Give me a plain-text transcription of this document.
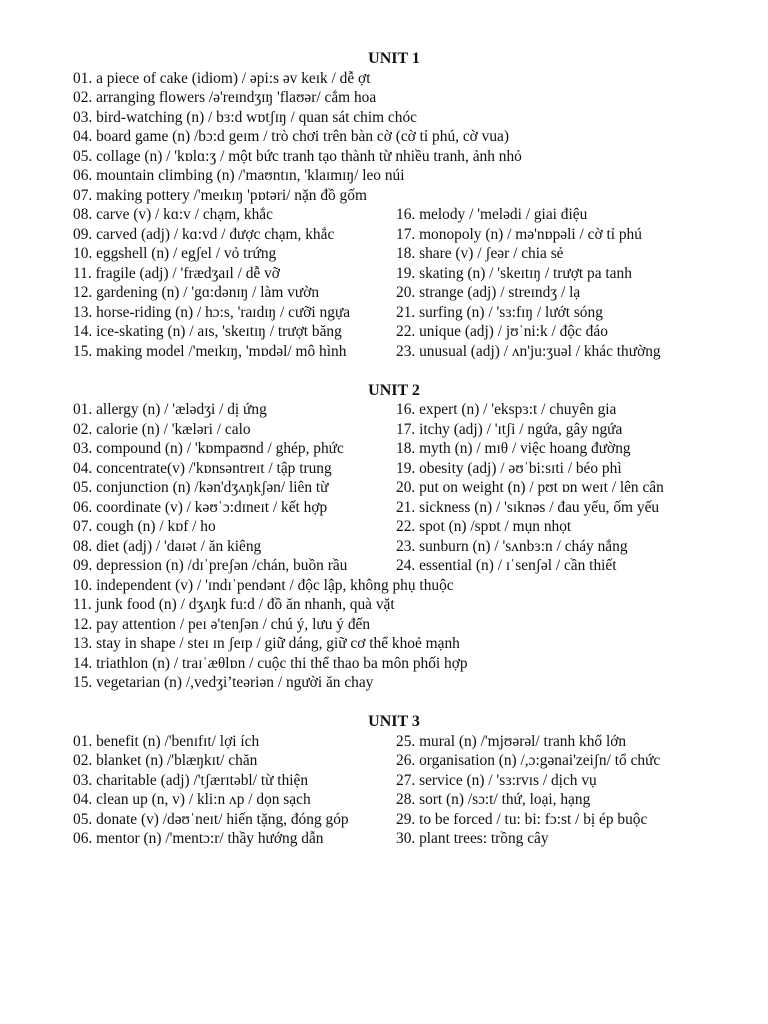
UNIT 1
01. a piece of cake (idiom) / əpi:s əv keɪk / dễ ợt
02. arranging flowers /ə'reɪndʒɪŋ 'flaʊər/ cắm hoa
03. bird-watching (n) / bɜ:d wɒtʃɪŋ / quan sát chim chóc
04. board game (n) /bɔ:d geɪm / trò chơi trên bàn cờ (cờ tỉ phú, cờ vua)
05. collage (n) / 'kɒlɑ:ʒ / một bức tranh tạo thành từ nhiều tranh, ảnh nhỏ
06. mountain climbing (n) /'maʊntɪn, 'klaɪmɪŋ/ leo núi
07. making pottery /'meɪkɪŋ 'pɒtəri/ nặn đồ gốm
08. carve (v) / kɑ:v / chạm, khắc
09. carved (adj) / kɑ:vd / được chạm, khắc
10. eggshell (n) / egʃel / vỏ trứng
11. fragile (adj) / 'frædʒaɪl / dễ vỡ
12. gardening (n) / 'gɑ:dənɪŋ / làm vườn
13. horse-riding (n) / hɔ:s, 'raɪdɪŋ / cưỡi ngựa
14. ice-skating (n) / aɪs, 'skeɪtɪŋ / trượt băng
15. making model /'meɪkɪŋ, 'mɒdəl/ mô hình
16. melody / 'melədi / giai điệu
17. monopoly (n) / mə'nɒpəli / cờ tỉ phú
18. share (v) / ʃeər / chia sẻ
19. skating (n) / 'skeɪtɪŋ / trượt pa tanh
20. strange (adj) / streɪndʒ / lạ
21. surfing (n) / 'sɜ:fɪŋ / lướt sóng
22. unique (adj) / jʊˈni:k / độc đáo
23. unusual (adj) / ʌn'ju:ʒuəl / khác thường
UNIT 2
01. allergy (n) / 'ælədʒi / dị ứng
02. calorie (n) / 'kæləri / calo
03. compound (n) / 'kɒmpaʊnd / ghép, phức
04. concentrate(v) /'kɒnsəntreɪt / tập trung
05. conjunction (n) /kən'dʒʌŋkʃən/ liên từ
06. coordinate (v) / kəʊˈɔ:dɪneɪt / kết hợp
07. cough (n) / kɒf / ho
08. diet (adj) / 'daɪət / ăn kiêng
09. depression (n) /dɪˈpreʃən /chán, buồn rầu
16. expert (n) / 'ekspɜ:t / chuyên gia
17. itchy (adj) / 'ɪtʃi / ngứa, gây ngứa
18. myth (n) / mɪθ / việc hoang đường
19. obesity (adj) / əʊˈbi:sɪti / béo phì
20. put on weight (n) / pʊt ɒn weɪt / lên cân
21. sickness (n) / 'sɪknəs / đau yếu, ốm yếu
22. spot (n) /spɒt / mụn nhọt
23. sunburn (n) / 'sʌnbɜ:n / cháy nắng
24. essential (n) / ɪˈsenʃəl / cần thiết
10. independent (v) / 'ɪndɪˈpendənt / độc lập, không phụ thuộc
11. junk food (n) / dʒʌŋk fu:d / đồ ăn nhanh, quà vặt
12. pay attention / peɪ ə'tenʃən / chú ý, lưu ý đến
13. stay in shape / steɪ ɪn ʃeɪp / giữ dáng, giữ cơ thể khoẻ mạnh
14. triathlon (n) / traɪˈæθlɒn / cuộc thi thể thao ba môn phối hợp
15. vegetarian (n) /,vedʒi’teəriən / người ăn chay
UNIT 3
01. benefit (n) /'benɪfɪt/ lợi ích
02. blanket (n) /'blæŋkɪt/ chăn
03. charitable (adj) /'tʃærɪtəbl/ từ thiện
04. clean up (n, v) / kli:n ʌp / dọn sạch
05. donate (v) /dəʊˈneɪt/ hiến tặng, đóng góp
06. mentor (n) /'mentɔ:r/ thầy hướng dẫn
25. mural (n) /'mjʊərəl/ tranh khổ lớn
26. organisation (n) /,ɔ:gənai'zeiʃn/ tổ chức
27. service (n) / 'sɜ:rvɪs / dịch vụ
28. sort (n) /sɔ:t/ thứ, loại, hạng
29. to be forced / tu: bi: fɔ:st / bị ép buộc
30. plant trees: trồng cây
